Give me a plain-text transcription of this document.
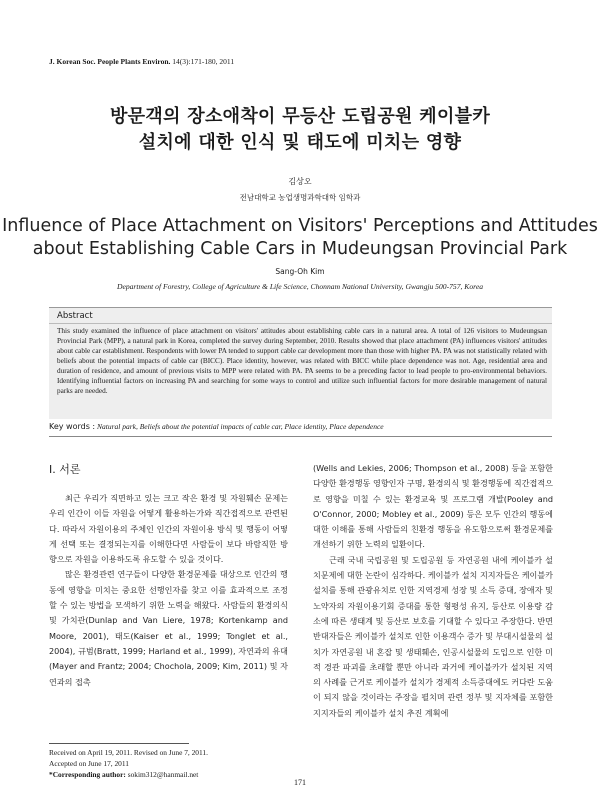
J. Korean Soc. People Plants Environ. 14(3):171-180, 2011
방문객의 장소애착이 무등산 도립공원 케이블카
설치에 대한 인식 및 태도에 미치는 영향
김상오
전남대학교 농업생명과학대학 임학과
Influence of Place Attachment on Visitors' Perceptions and Attitudes
about Establishing Cable Cars in Mudeungsan Provincial Park
Sang-Oh Kim
Department of Forestry, College of Agriculture & Life Science, Chonnam National University, Gwangju 500-757, Korea
Abstract
This study examined the influence of place attachment on visitors' attitudes about establishing cable cars in a natural area. A total of 126 visitors to Mudeungsan Provincial Park (MPP), a natural park in Korea, completed the survey during September, 2010. Results showed that place attachment (PA) influences visitors' attitudes about cable car establishment. Respondents with lower PA tended to support cable car development more than those with higher PA. PA was not statistically related with beliefs about the potential impacts of cable car (BICC). Place identity, however, was related with BICC while place dependence was not. Age, residential area and duration of residence, and amount of previous visits to MPP were related with PA. PA seems to be a preceding factor to lead people to pro-environmental behaviors. Identifying influential factors on increasing PA and searching for some ways to control and utilize such influential factors for more desirable management of natural parks are needed.
Key words : Natural park, Beliefs about the potential impacts of cable car, Place identity, Place dependence
Ⅰ. 서론

최근 우리가 직면하고 있는 크고 작은 환경 및 자원훼손 문제는 우리 인간이 이들 자원을 어떻게 활용하는가와 직간접적으로 관련된다. 따라서 자원이용의 주체인 인간의 자원이용 방식 및 행동이 어떻게 선택 또는 결정되는지를 이해한다면 사람들이 보다 바람직한 방향으로 자원을 이용하도록 유도할 수 있을 것이다.

많은 환경관련 연구들이 다양한 환경문제를 대상으로 인간의 행동에 영향을 미치는 중요한 선행인자를 찾고 이를 효과적으로 조정할 수 있는 방법을 모색하기 위한 노력을 해왔다. 사람들의 환경의식 및 가치관(Dunlap and Van Liere, 1978; Kortenkamp and Moore, 2001), 태도(Kaiser et al., 1999; Tonglet et al., 2004), 규범(Bratt, 1999; Harland et al., 1999), 자연과의 유대(Mayer and Frantz; 2004; Chochola, 2009; Kim, 2011) 및 자연과의 접촉

(Wells and Lekies, 2006; Thompson et al., 2008) 등을 포함한 다양한 환경행동 영향인자 구명, 환경의식 및 환경행동에 직간접적으로 영향을 미칠 수 있는 환경교육 및 프로그램 개발(Pooley and O'Connor, 2000; Mobley et al., 2009) 등은 모두 인간의 행동에 대한 이해를 통해 사람들의 친환경 행동을 유도함으로써 환경문제를 개선하기 위한 노력의 일환이다.

근래 국내 국립공원 및 도립공원 등 자연공원 내에 케이블카 설치문제에 대한 논란이 심각하다. 케이블카 설치 지지자들은 케이블카 설치를 통해 관광유치로 인한 지역경제 성장 및 소득 증대, 장애자 및 노약자의 자원이용기회 증대를 통한 형평성 유지, 등산로 이용량 감소에 따른 생태계 및 등산로 보호를 기대할 수 있다고 주장한다. 반면 반대자들은 케이블카 설치로 인한 이용객수 증가 및 부대시설물의 설치가 자연공원 내 혼잡 및 생태훼손, 인공시설물의 도입으로 인한 미적 경관 파괴를 초래할 뿐만 아니라 과거에 케이블카가 설치된 지역의 사례를 근거로 케이블카 설치가 경제적 소득증대에도 커다란 도움이 되지 않을 것이라는 주장을 펼치며 관련 정부 및 지자체를 포함한 지지자들의 케이블카 설치 추진 계획에

Received on April 19, 2011. Revised on June 7, 2011.
Accepted on June 17, 2011
*Corresponding author: sokim312@hanmail.net
171
